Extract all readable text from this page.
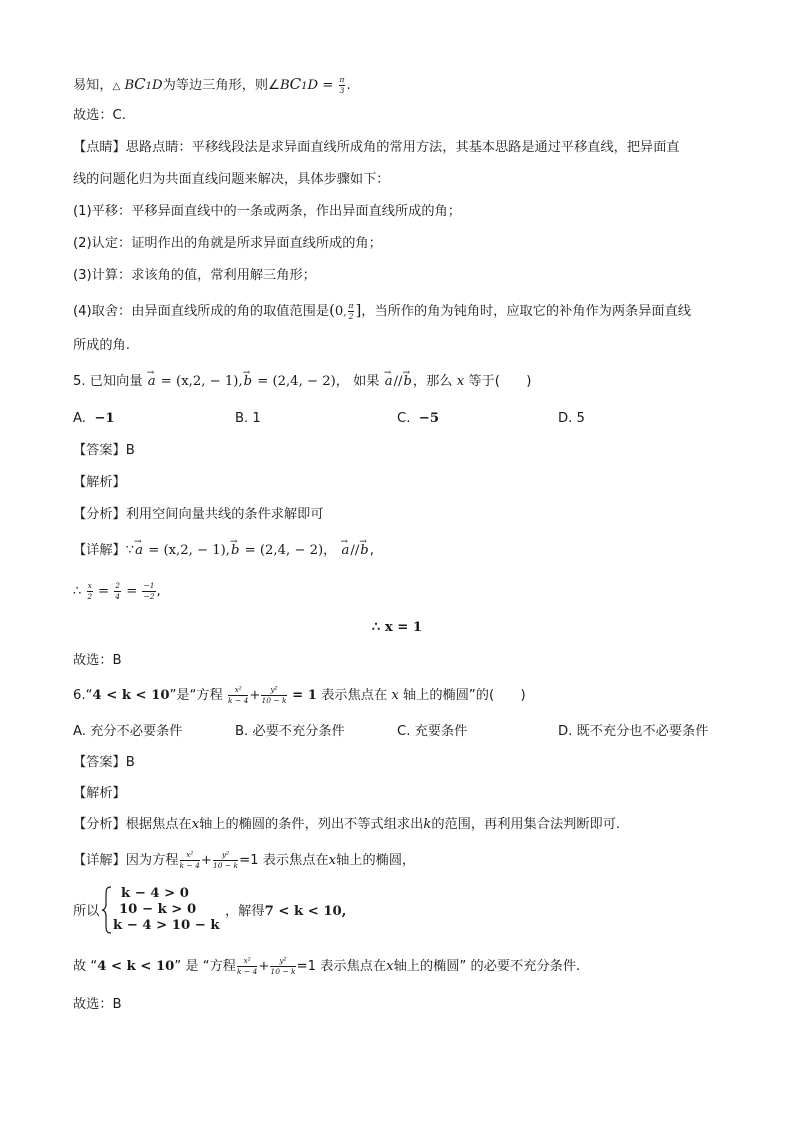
易知，△ BC1D为等边三角形，则∠BC1D = $\frac{\pi}{3}$ .
故选：C.
【点睛】思路点睛：平移线段法是求异面直线所成角的常用方法，其基本思路是通过平移直线，把异面直
线的问题化归为共面直线问题来解决，具体步骤如下：
(1)平移：平移异面直线中的一条或两条，作出异面直线所成的角；
(2)认定：证明作出的角就是所求异面直线所成的角；
(3)计算：求该角的值，常利用解三角形；
(4)取舍：由异面直线所成的角的取值范围是(0, $\frac{\pi}{2}$ ]，当所作的角为钝角时，应取它的补角作为两条异面直线
所成的角.
5. 已知向量 → a = (x,2, − 1),→ b = (2,4, − 2)， 如果 → a//→ b，那么 x 等于(　　)
A. −1	B. 1	C. −5	D. 5
【答案】B
【解析】
【分析】利用空间向量共线的条件求解即可
【详解】∵→ a = (x,2, − 1),→ b = (2,4, − 2)， → a//→ b,
∴ $\frac{x}{2} = \frac{2}{4} = \frac{-1}{-2}$ ,
∴ x = 1
故选：B
6.“4 < k < 10”是“方程 $\frac{\text{x²}}{k - 4} + \frac{\text{y²}}{10 - k} = 1$ 表示焦点在 x 轴上的椭圆”的(　　)
A. 充分不必要条件	B. 必要不充分条件	C. 充要条件	D. 既不充分也不必要条件
【答案】B
【解析】
【分析】根据焦点在x轴上的椭圆的条件，列出不等式组求出k的范围，再利用集合法判断即可.
【详解】因为方程 $\frac{\text{x²}}{k - 4} + \frac{\text{y²}}{10 - k} =1$ 表示焦点在x轴上的椭圆，
所以
k − 4 > 0
10 − k > 0
k − 4 > 10 − k
，解得7 < k < 10,
故 “4 < k < 10” 是 “方程 $\frac{\text{x²}}{k - 4} + \frac{\text{y²}}{10 - k} =1$ 表示焦点在x轴上的椭圆” 的必要不充分条件.
故选：B
